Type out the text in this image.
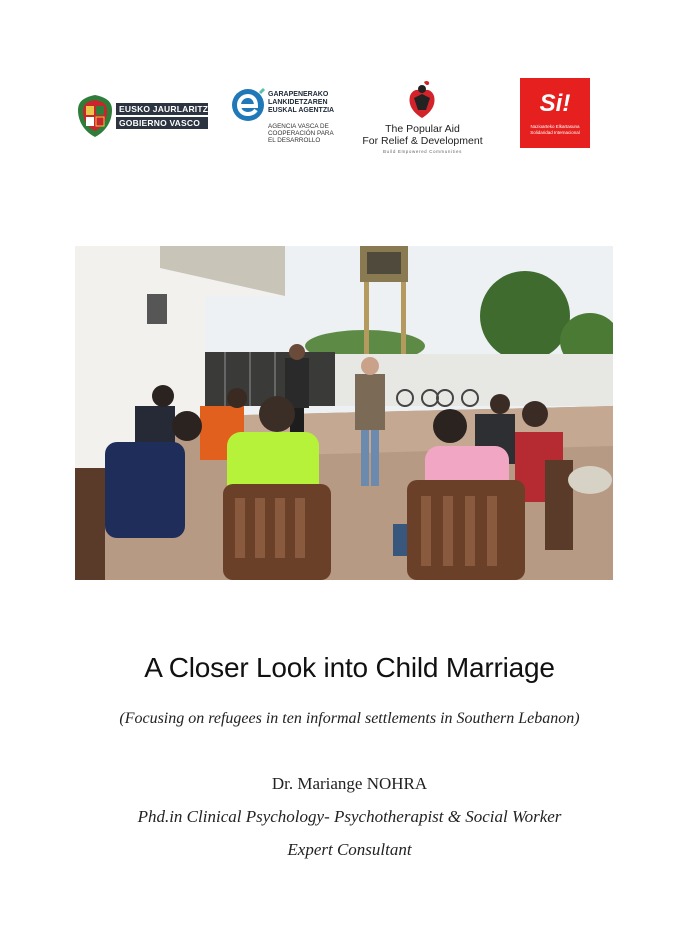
EUSKO JAURLARITZA
GOBIERNO VASCO
GARAPENERAKO
LANKIDETZAREN
EUSKAL AGENTZIA
AGENCIA VASCA DE
COOPERACIÓN PARA
EL DESARROLLO
The Popular Aid
For Relief & Development
Build Empowered Communities
Si!
Nazioarteko Elkartasuna
Solidaridad Internacional
A Closer Look into Child Marriage
(Focusing on refugees in ten informal settlements in Southern Lebanon)
Dr. Mariange NOHRA
Phd.in Clinical Psychology- Psychotherapist & Social Worker
Expert Consultant
